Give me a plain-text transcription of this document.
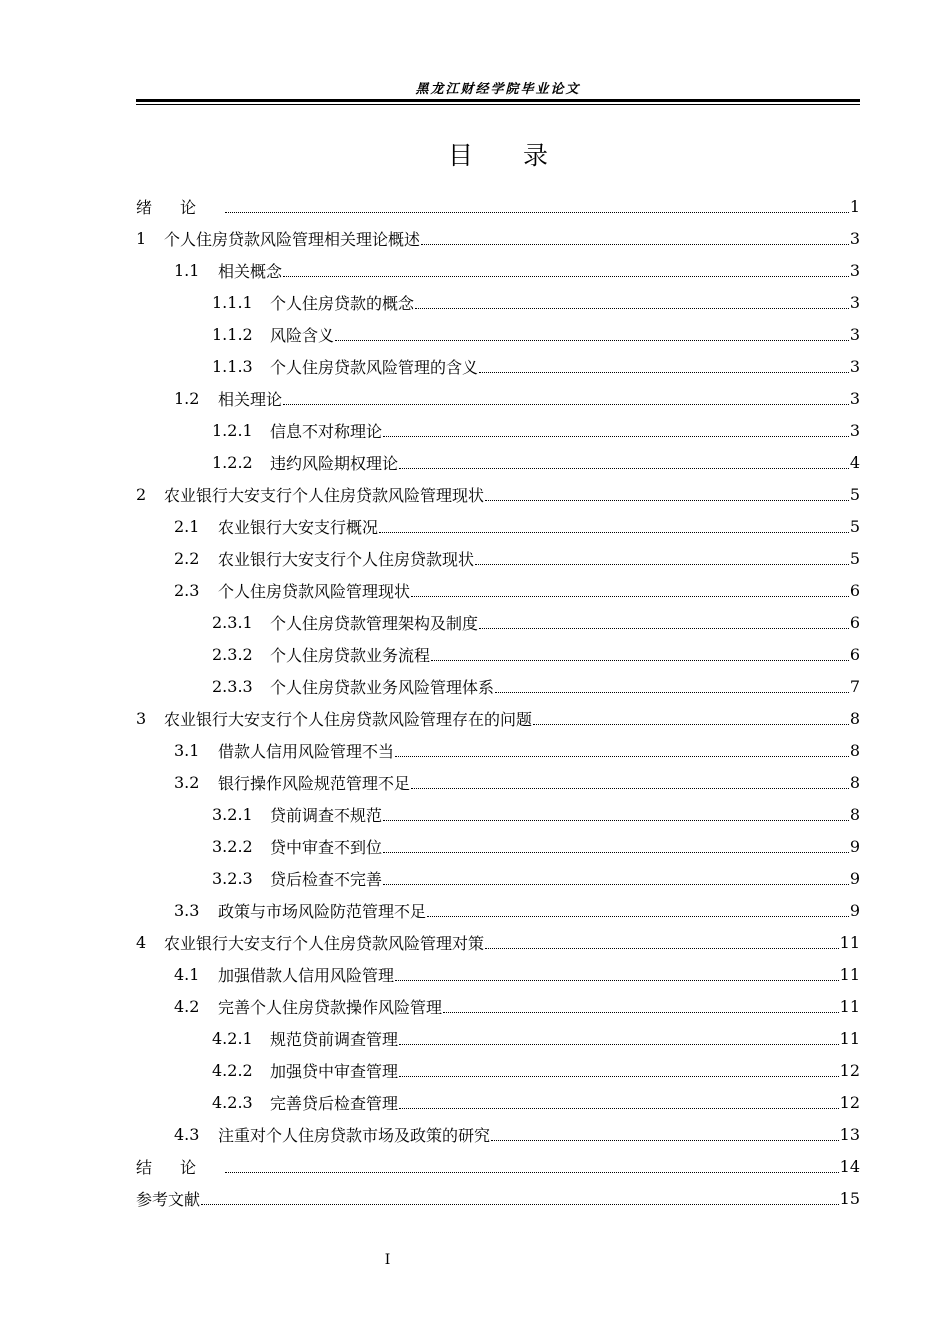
黑龙江财经学院毕业论文
目 录
绪论	1
1	个人住房贷款风险管理相关理论概述	3
1.1	相关概念	3
1.1.1	个人住房贷款的概念	3
1.1.2	风险含义	3
1.1.3	个人住房贷款风险管理的含义	3
1.2	相关理论	3
1.2.1	信息不对称理论	3
1.2.2	违约风险期权理论	4
2	农业银行大安支行个人住房贷款风险管理现状	5
2.1	农业银行大安支行概况	5
2.2	农业银行大安支行个人住房贷款现状	5
2.3	个人住房贷款风险管理现状	6
2.3.1	个人住房贷款管理架构及制度	6
2.3.2	个人住房贷款业务流程	6
2.3.3	个人住房贷款业务风险管理体系	7
3	农业银行大安支行个人住房贷款风险管理存在的问题	8
3.1	借款人信用风险管理不当	8
3.2	银行操作风险规范管理不足	8
3.2.1	贷前调查不规范	8
3.2.2	贷中审查不到位	9
3.2.3	贷后检查不完善	9
3.3	政策与市场风险防范管理不足	9
4	农业银行大安支行个人住房贷款风险管理对策	11
4.1	加强借款人信用风险管理	11
4.2	完善个人住房贷款操作风险管理	11
4.2.1	规范贷前调查管理	11
4.2.2	加强贷中审查管理	12
4.2.3	完善贷后检查管理	12
4.3	注重对个人住房贷款市场及政策的研究	13
结论	14
参考文献	15
I
